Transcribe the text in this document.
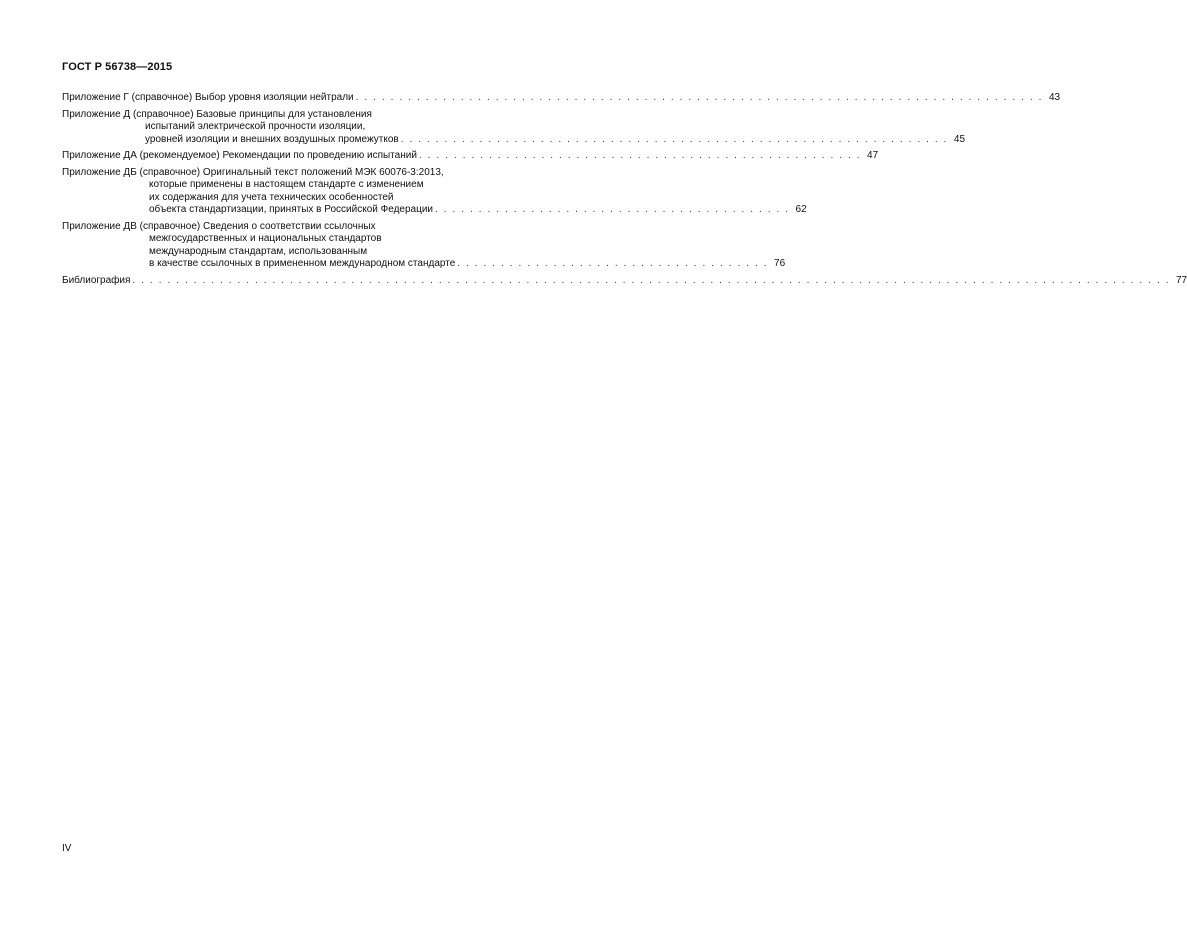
ГОСТ Р 56738—2015
Приложение Г (справочное) Выбор уровня изоляции нейтрали . . . . . . . . . . . . . . . . . . . . . . . . . . . . . . . . . . . . . . . . . . . . . . . . . . . . . . . . . . . . . . . . . . . . . . . . . . . . . . . 43
Приложение Д (справочное) Базовые принципы для установления
испытаний электрической прочности изоляции,
уровней изоляции и внешних воздушных промежутков . . . . . . . . . . . . . . . . . . . . . . . . . . . . . . . . . . . . . . . . . . . . . . . . . . . . . . . . . . . . . . . 45
Приложение ДА (рекомендуемое) Рекомендации по проведению испытаний . . . . . . . . . . . . . . . . . . . . . . . . . . . . . . . . . . . . . . . . . . . . . . . . . . . 47
Приложение ДБ (справочное) Оригинальный текст положений МЭК 60076-3:2013,
которые применены в настоящем стандарте с изменением
их содержания для учета технических особенностей
объекта стандартизации, принятых в Российской Федерации . . . . . . . . . . . . . . . . . . . . . . . . . . . . . . . . . . . . . . . . . 62
Приложение ДВ (справочное) Сведения о соответствии ссылочных
межгосударственных и национальных стандартов
международным стандартам, использованным
в качестве ссылочных в примененном международном стандарте . . . . . . . . . . . . . . . . . . . . . . . . . . . . . . . . . . . . 76
Библиография . . . . . . . . . . . . . . . . . . . . . . . . . . . . . . . . . . . . . . . . . . . . . . . . . . . . . . . . . . . . . . . . . . . . . . . . . . . . . . . . . . . . . . . . . . . . . . . . . . . . . . . . . . . . . . . . . . . . . . . 77
IV
